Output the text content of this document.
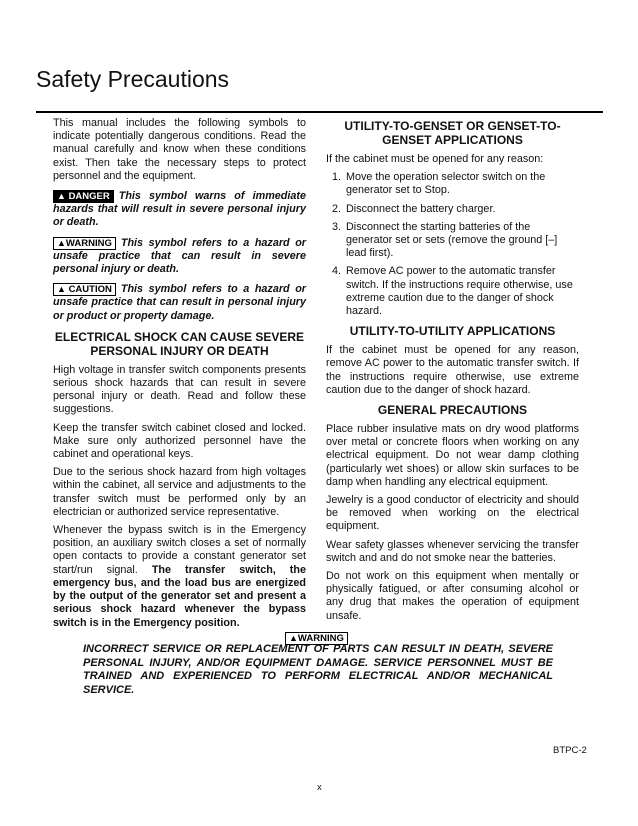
Safety Precautions

This manual includes the following symbols to indicate potentially dangerous conditions. Read the manual carefully and know when these conditions exist. Then take the necessary steps to protect personnel and the equipment.

▲ DANGER This symbol warns of immediate hazards that will result in severe personal injury or death.
▲WARNING This symbol refers to a hazard or unsafe practice that can result in severe personal injury or death.
▲ CAUTION This symbol refers to a hazard or unsafe practice that can result in personal injury or product or property damage.
ELECTRICAL SHOCK CAN CAUSE SEVERE PERSONAL INJURY OR DEATH

High voltage in transfer switch components presents serious shock hazards that can result in severe personal injury or death. Read and follow these suggestions.

Keep the transfer switch cabinet closed and locked. Make sure only authorized personnel have the cabinet and operational keys.

Due to the serious shock hazard from high voltages within the cabinet, all service and adjustments to the transfer switch must be performed only by an electrician or authorized service representative.

Whenever the bypass switch is in the Emergency position, an auxiliary switch closes a set of normally open contacts to provide a constant generator set start/run signal. The transfer switch, the emergency bus, and the load bus are energized by the output of the generator set and present a serious shock hazard whenever the bypass switch is in the Emergency position.

UTILITY-TO-GENSET OR GENSET-TO-GENSET APPLICATIONS

If the cabinet must be opened for any reason:

1. Move the operation selector switch on the generator set to Stop.
2. Disconnect the battery charger.
3. Disconnect the starting batteries of the generator set or sets (remove the ground [–] lead first).
4. Remove AC power to the automatic transfer switch. If the instructions require otherwise, use extreme caution due to the danger of shock hazard.
UTILITY-TO-UTILITY APPLICATIONS

If the cabinet must be opened for any reason, remove AC power to the automatic transfer switch. If the instructions require otherwise, use extreme caution due to the danger of shock hazard.

GENERAL PRECAUTIONS

Place rubber insulative mats on dry wood platforms over metal or concrete floors when working on any electrical equipment. Do not wear damp clothing (particularly wet shoes) or allow skin surfaces to be damp when handling any electrical equipment.

Jewelry is a good conductor of electricity and should be removed when working on the electrical equipment.

Wear safety glasses whenever servicing the transfer switch and and do not smoke near the batteries.

Do not work on this equipment when mentally or physically fatigued, or after consuming alcohol or any drug that makes the operation of equipment unsafe.

▲WARNING

INCORRECT SERVICE OR REPLACEMENT OF PARTS CAN RESULT IN DEATH, SEVERE PERSONAL INJURY, AND/OR EQUIPMENT DAMAGE. SERVICE PERSONNEL MUST BE TRAINED AND EXPERIENCED TO PERFORM ELECTRICAL AND/OR MECHANICAL SERVICE.

BTPC-2
x
